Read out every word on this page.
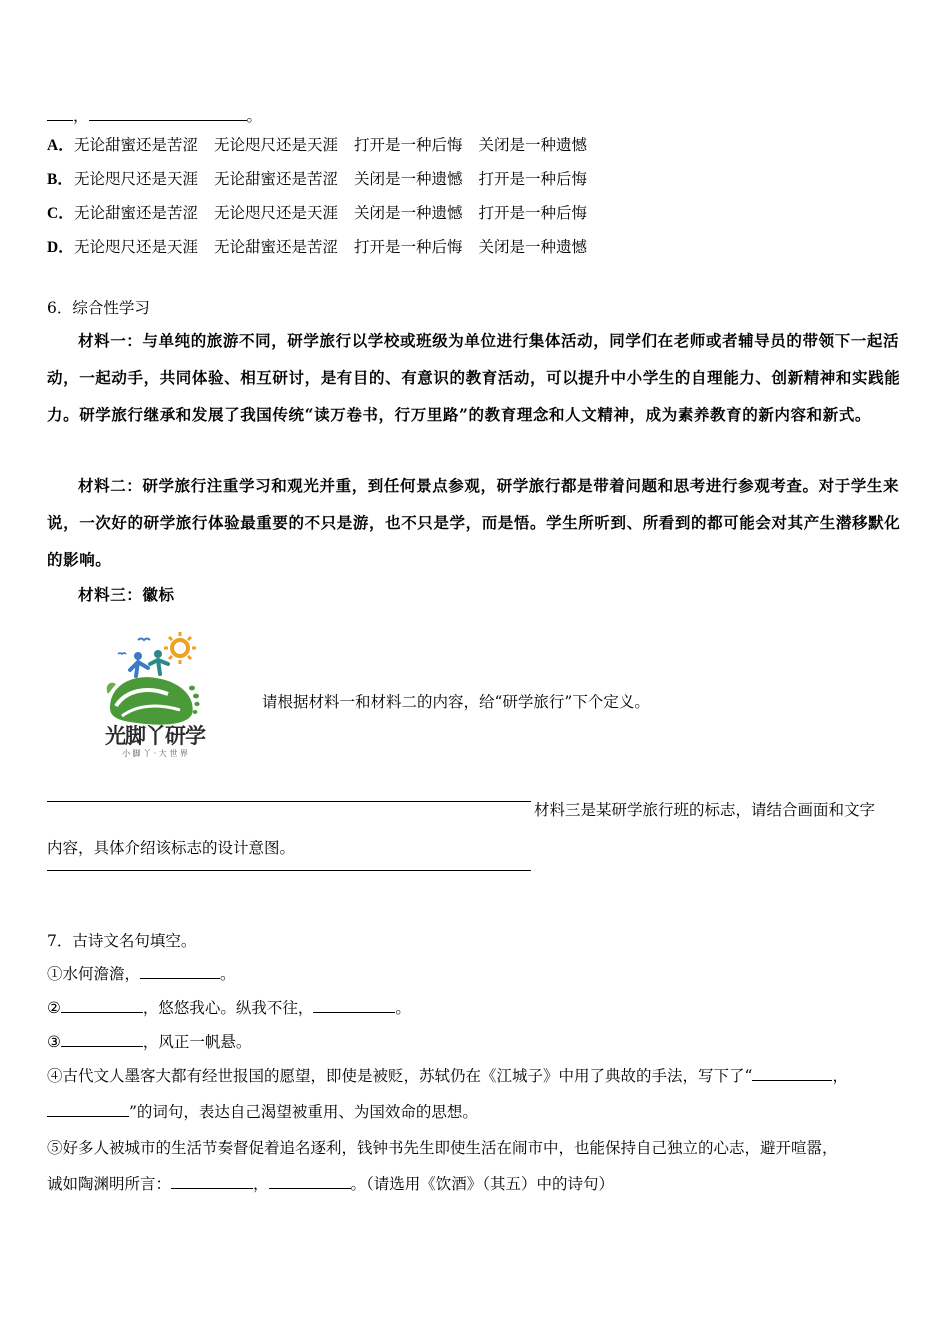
，	。
A． 无论甜蜜还是苦涩 无论咫尺还是天涯 打开是一种后悔 关闭是一种遗憾
B． 无论咫尺还是天涯 无论甜蜜还是苦涩 关闭是一种遗憾 打开是一种后悔
C． 无论甜蜜还是苦涩 无论咫尺还是天涯 关闭是一种遗憾 打开是一种后悔
D． 无论咫尺还是天涯 无论甜蜜还是苦涩 打开是一种后悔 关闭是一种遗憾
6．综合性学习
材料一：与单纯的旅游不同，研学旅行以学校或班级为单位进行集体活动，同学们在老师或者辅导员的带领下一起活动，一起动手，共同体验、相互研讨，是有目的、有意识的教育活动，可以提升中小学生的自理能力、创新精神和实践能力。研学旅行继承和发展了我国传统“读万卷书，行万里路”的教育理念和人文精神，成为素养教育的新内容和新式。
材料二：研学旅行注重学习和观光并重，到任何景点参观，研学旅行都是带着问题和思考进行参观考查。对于学生来说，一次好的研学旅行体验最重要的不只是游，也不只是学，而是悟。学生所听到、所看到的都可能会对其产生潜移默化的影响。
材料三：徽标
光脚丫研学
小 脚 丫 · 大 世 界
请根据材料一和材料二的内容，给“研学旅行”下个定义。
材料三是某研学旅行班的标志，请结合画面和文字
内容，具体介绍该标志的设计意图。
7．古诗文名句填空。
①水何澹澹，	。
②	，悠悠我心。纵我不往，	。
③	，风正一帆悬。
④古代文人墨客大都有经世报国的愿望，即使是被贬，苏轼仍在《江城子》中用了典故的手法，写下了“	，
”的词句，表达自己渴望被重用、为国效命的思想。
⑤好多人被城市的生活节奏督促着追名逐利，钱钟书先生即使生活在闹市中，也能保持自己独立的心志，避开喧嚣，
诚如陶渊明所言：	，	。（请选用《饮酒》（其五）中的诗句）
